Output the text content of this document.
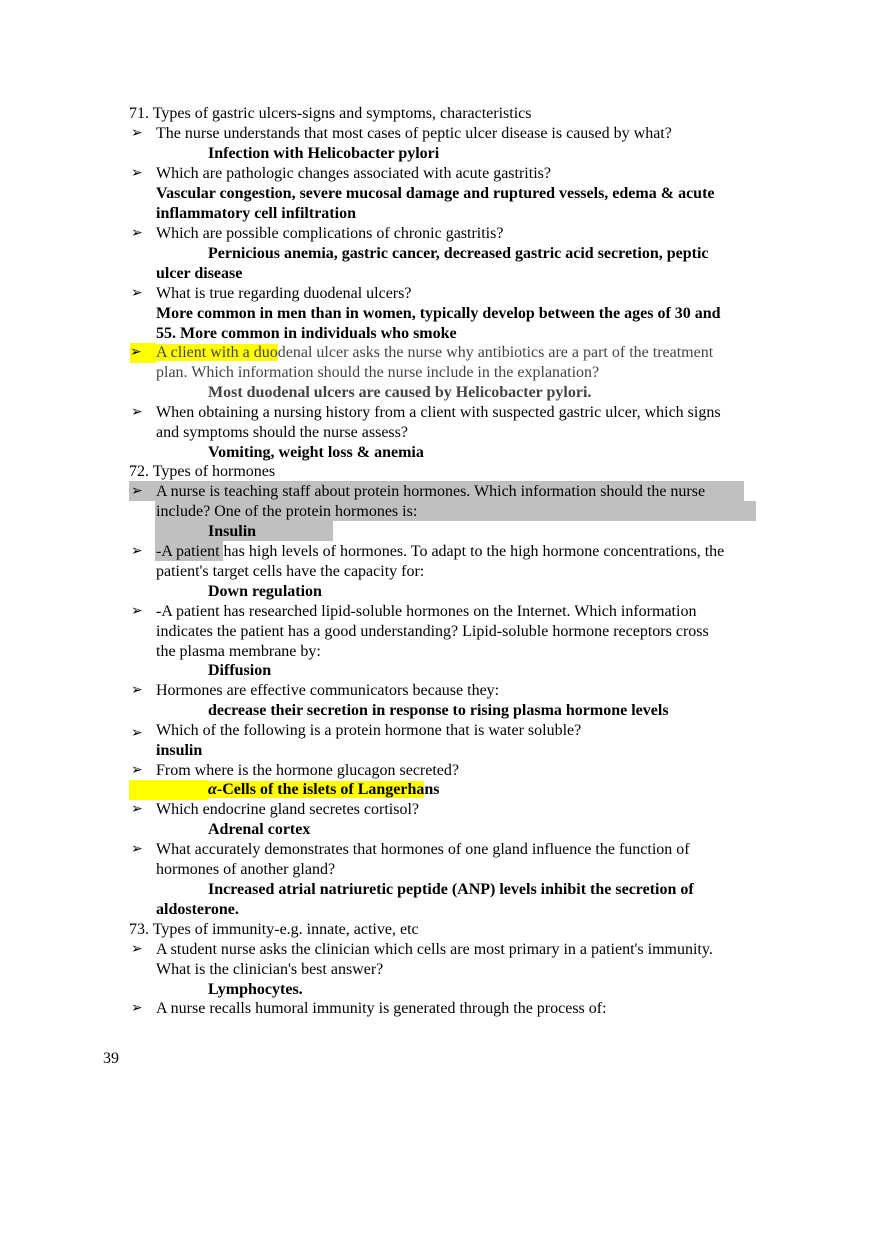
71. Types of gastric ulcers-signs and symptoms, characteristics
➢ The nurse understands that most cases of peptic ulcer disease is caused by what?
Infection with Helicobacter pylori
➢ Which are pathologic changes associated with acute gastritis?
Vascular congestion, severe mucosal damage and ruptured vessels, edema & acute
inflammatory cell infiltration
➢ Which are possible complications of chronic gastritis?
Pernicious anemia, gastric cancer, decreased gastric acid secretion, peptic
ulcer disease
➢ What is true regarding duodenal ulcers?
More common in men than in women, typically develop between the ages of 30 and
55. More common in individuals who smoke
➢ A client with a duodenal ulcer asks the nurse why antibiotics are a part of the treatment
plan. Which information should the nurse include in the explanation?
Most duodenal ulcers are caused by Helicobacter pylori.
➢ When obtaining a nursing history from a client with suspected gastric ulcer, which signs
and symptoms should the nurse assess?
Vomiting, weight loss & anemia
72. Types of hormones
➢ A nurse is teaching staff about protein hormones. Which information should the nurse
include? One of the protein hormones is:
Insulin
➢ -A patient has high levels of hormones. To adapt to the high hormone concentrations, the
patient's target cells have the capacity for:
Down regulation
➢ -A patient has researched lipid-soluble hormones on the Internet. Which information
indicates the patient has a good understanding? Lipid-soluble hormone receptors cross
the plasma membrane by:
Diffusion
➢ Hormones are effective communicators because they:
decrease their secretion in response to rising plasma hormone levels
➢ Which of the following is a protein hormone that is water soluble?
insulin
➢ From where is the hormone glucagon secreted?
α-Cells of the islets of Langerhans
➢ Which endocrine gland secretes cortisol?
Adrenal cortex
➢ What accurately demonstrates that hormones of one gland influence the function of
hormones of another gland?
Increased atrial natriuretic peptide (ANP) levels inhibit the secretion of
aldosterone.
73. Types of immunity-e.g. innate, active, etc
➢ A student nurse asks the clinician which cells are most primary in a patient's immunity.
What is the clinician's best answer?
Lymphocytes.
➢ A nurse recalls humoral immunity is generated through the process of:
39
